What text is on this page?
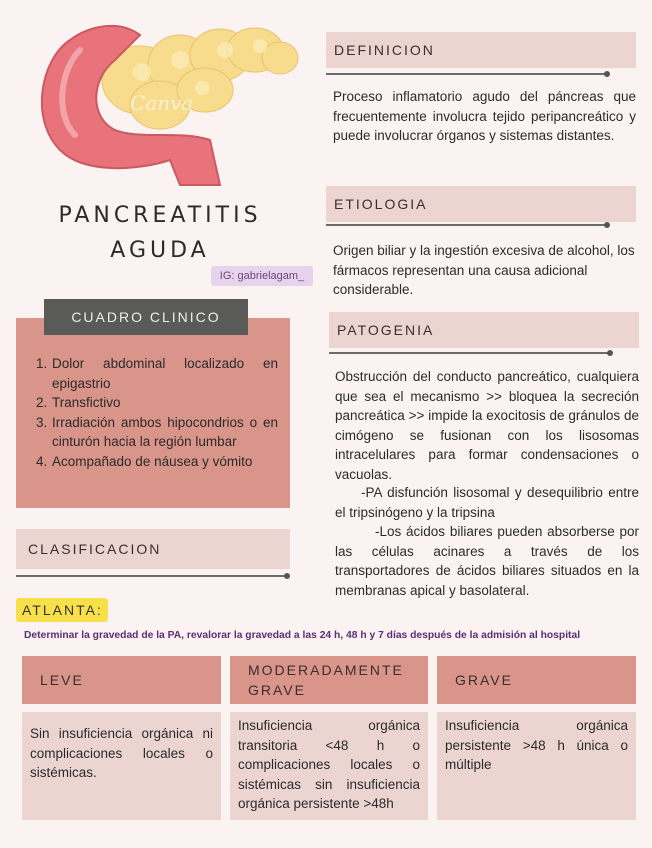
Canva
PANCREATITIS
AGUDA
IG: gabrielagam_
DEFINICION
Proceso inflamatorio agudo del páncreas que frecuentemente involucra tejido peripancreático y puede involucrar órganos y sistemas distantes.
ETIOLOGIA
Origen biliar y la ingestión excesiva de alcohol, los fármacos representan una causa adicional considerable.
PATOGENIA
Obstrucción del conducto pancreático, cualquiera que sea el mecanismo >> bloquea la secreción pancreática >> impide la exocitosis de gránulos de cimógeno se fusionan con los lisosomas intracelulares para formar condensaciones o vacuolas.
-PA disfunción lisosomal y desequilibrio entre el tripsinógeno y la tripsina
-Los ácidos biliares pueden absorberse por las células acinares a través de los transportadores de ácidos biliares situados en la membranas apical y basolateral.
CUADRO CLINICO
1. Dolor abdominal localizado en epigastrio
2. Transfictivo
3. Irradiación ambos hipocondrios o en cinturón hacia la región lumbar
4. Acompañado de náusea y vómito
CLASIFICACION
ATLANTA:
Determinar la gravedad de la PA, revalorar la gravedad a las 24 h, 48 h y 7 días después de la admisión al hospital
LEVE
MODERADAMENTE GRAVE
GRAVE
Sin insuficiencia orgánica ni complicaciones locales o sistémicas.
Insuficiencia orgánica transitoria <48 h o complicaciones locales o sistémicas sin insuficiencia orgánica persistente >48h
Insuficiencia orgánica persistente >48 h única o múltiple
